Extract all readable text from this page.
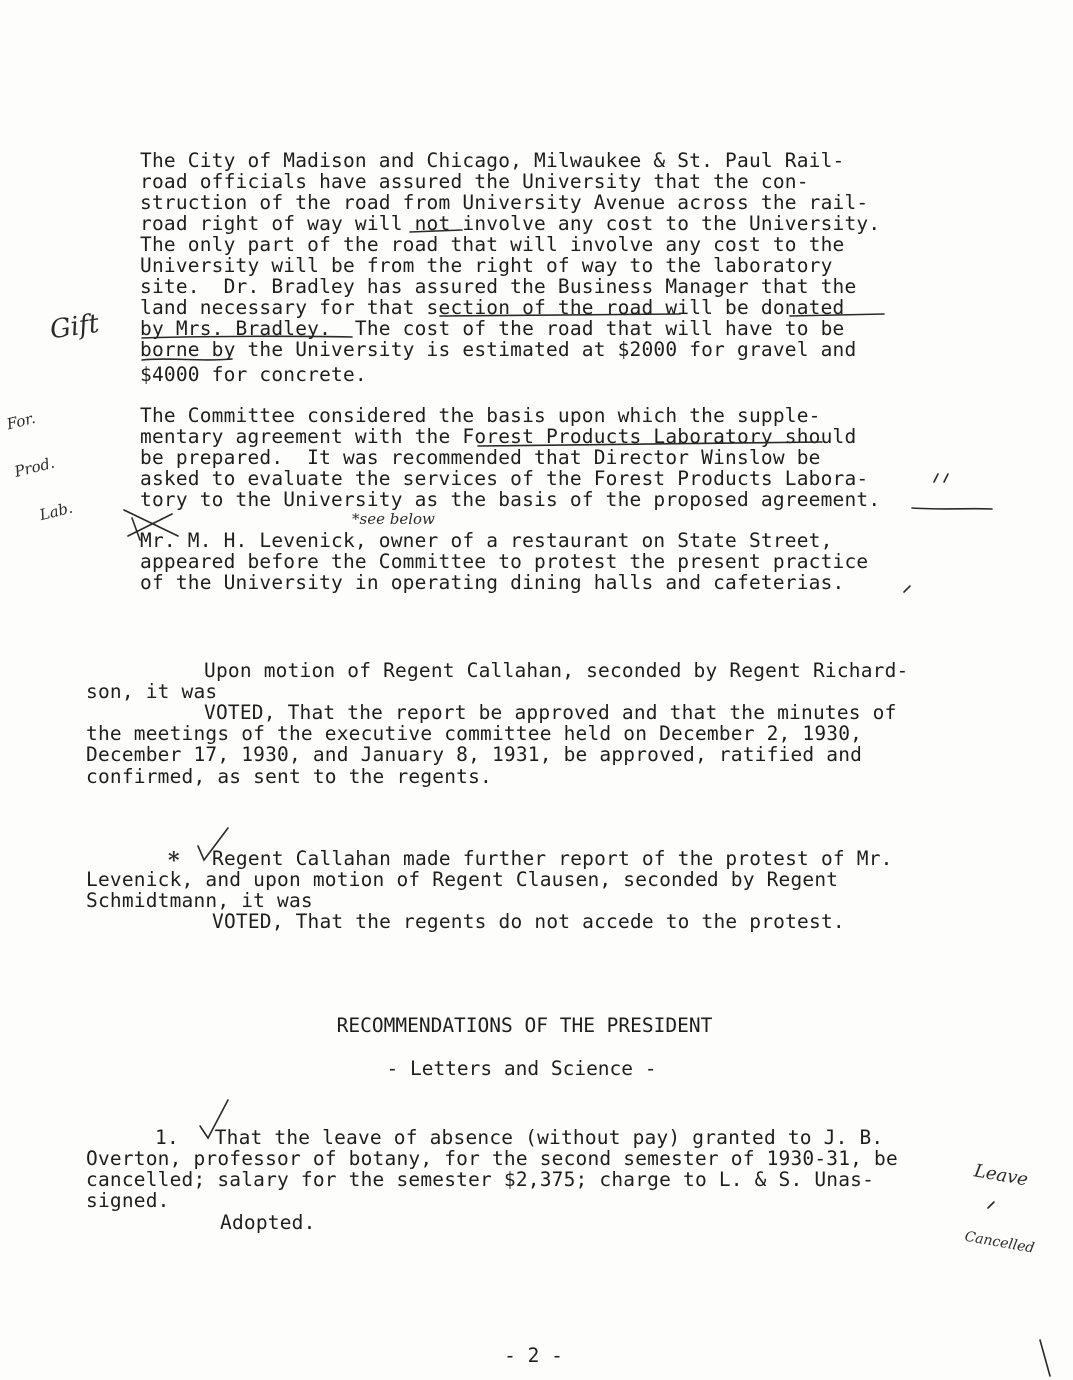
The City of Madison and Chicago, Milwaukee & St. Paul Rail-
road officials have assured the University that the con-
struction of the road from University Avenue across the rail-
road right of way will not involve any cost to the University.
The only part of the road that will involve any cost to the
University will be from the right of way to the laboratory
site.  Dr. Bradley has assured the Business Manager that the
land necessary for that section of the road will be donated
by Mrs. Bradley.  The cost of the road that will have to be
borne by the University is estimated at $2000 for gravel and
$4000 for concrete.
The Committee considered the basis upon which the supple-
mentary agreement with the Forest Products Laboratory should
be prepared.  It was recommended that Director Winslow be
asked to evaluate the services of the Forest Products Labora-
tory to the University as the basis of the proposed agreement.
Mr. M. H. Levenick, owner of a restaurant on State Street,
appeared before the Committee to protest the present practice
of the University in operating dining halls and cafeterias.
Upon motion of Regent Callahan, seconded by Regent Richard-
son, it was
VOTED, That the report be approved and that the minutes of
the meetings of the executive committee held on December 2, 1930,
December 17, 1930, and January 8, 1931, be approved, ratified and
confirmed, as sent to the regents.
Regent Callahan made further report of the protest of Mr.
Levenick, and upon motion of Regent Clausen, seconded by Regent
Schmidtmann, it was
VOTED, That the regents do not accede to the protest.
RECOMMENDATIONS OF THE PRESIDENT
- Letters and Science -
1.   That the leave of absence (without pay) granted to J. B.
Overton, professor of botany, for the second semester of 1930-31, be
cancelled; salary for the semester $2,375; charge to L. & S. Unas-
signed.
Adopted.
- 2 -
Gift

For.

Prod.

Lab.

	*see below
*

Leave

Cancelled
